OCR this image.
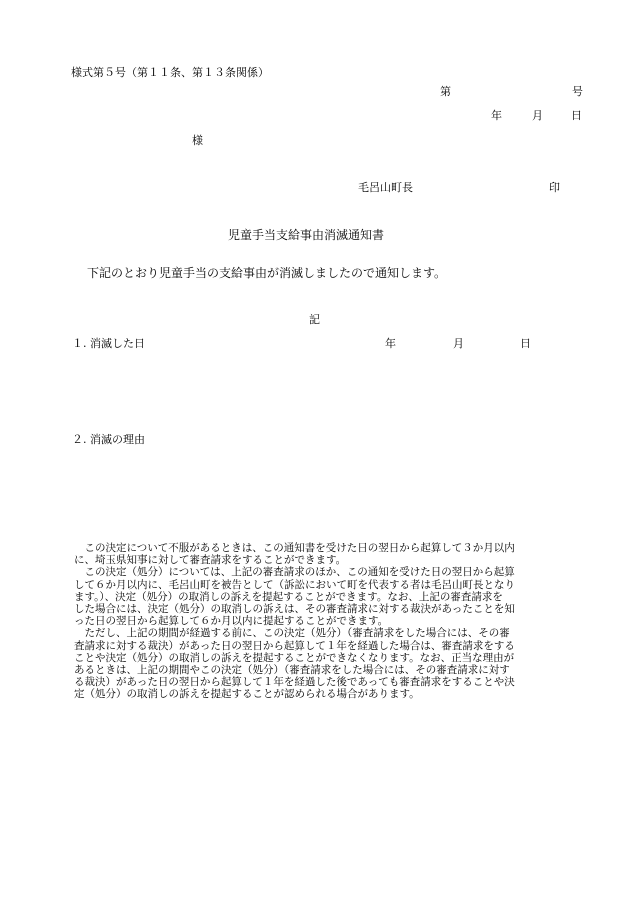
様式第５号（第１１条、第１３条関係）
第	号
年	月	日
様
毛呂山町長	印
児童手当支給事由消滅通知書
下記のとおり児童手当の支給事由が消滅しましたので通知します。
記
１. 消滅した日	年	月	日
２. 消滅の理由
　この決定について不服があるときは、この通知書を受けた日の翌日から起算して３か月以内
に、埼玉県知事に対して審査請求をすることができます。
　この決定（処分）については、上記の審査請求のほか、この通知を受けた日の翌日から起算
して６か月以内に、毛呂山町を被告として（訴訟において町を代表する者は毛呂山町長となり
ます。）、決定（処分）の取消しの訴えを提起することができます。なお、上記の審査請求を
した場合には、決定（処分）の取消しの訴えは、その審査請求に対する裁決があったことを知
った日の翌日から起算して６か月以内に提起することができます。
　ただし、上記の期間が経過する前に、この決定（処分）（審査請求をした場合には、その審
査請求に対する裁決）があった日の翌日から起算して１年を経過した場合は、審査請求をする
ことや決定（処分）の取消しの訴えを提起することができなくなります。なお、正当な理由が
あるときは、上記の期間やこの決定（処分）（審査請求をした場合には、その審査請求に対す
る裁決）があった日の翌日から起算して１年を経過した後であっても審査請求をすることや決
定（処分）の取消しの訴えを提起することが認められる場合があります。
